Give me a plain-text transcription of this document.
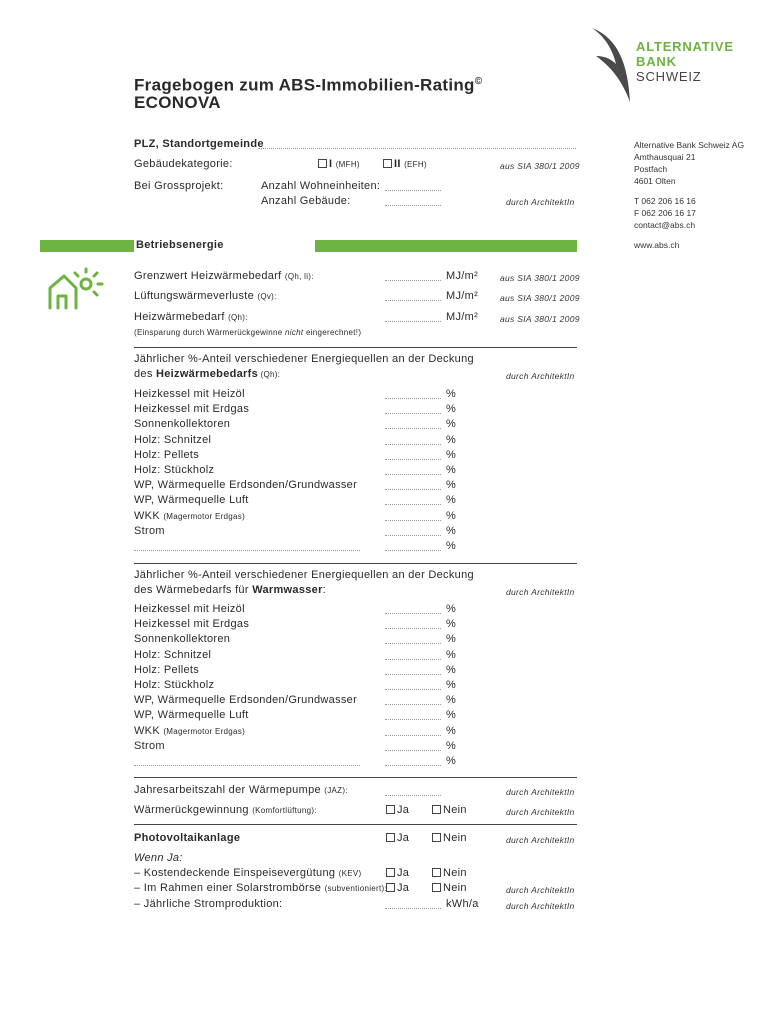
ALTERNATIVE
BANK
SCHWEIZ
Fragebogen zum ABS-Immobilien-Rating©
ECONOVA
Alternative Bank Schweiz AG
Amthausquai 21
Postfach
4601 Olten
T 062 206 16 16
F 062 206 16 17
contact@abs.ch
www.abs.ch
PLZ, Standortgemeinde
Gebäudekategorie:	I (MFH)	II (EFH)	aus SIA 380/1 2009
Bei Grossprojekt:	Anzahl Wohneinheiten:
Anzahl Gebäude:	durch ArchitektIn
Betriebsenergie
Grenzwert Heizwärmebedarf (Qh, li):	MJ/m²	aus SIA 380/1 2009
Lüftungswärmeverluste (Qv):	MJ/m²	aus SIA 380/1 2009
Heizwärmebedarf (Qh):	MJ/m²	aus SIA 380/1 2009
(Einsparung durch Wärmerückgewinne nicht eingerechnet!)
Jährlicher %-Anteil verschiedener Energiequellen an der Deckung
des Heizwärmebedarfs (Qh):	durch ArchitektIn
Heizkessel mit Heizöl	%
Heizkessel mit Erdgas	%
Sonnenkollektoren	%
Holz: Schnitzel	%
Holz: Pellets	%
Holz: Stückholz	%
WP, Wärmequelle Erdsonden/Grundwasser	%
WP, Wärmequelle Luft	%
WKK (Magermotor Erdgas)	%
Strom	%
%
Jährlicher %-Anteil verschiedener Energiequellen an der Deckung
des Wärmebedarfs für Warmwasser:	durch ArchitektIn
Heizkessel mit Heizöl	%
Heizkessel mit Erdgas	%
Sonnenkollektoren	%
Holz: Schnitzel	%
Holz: Pellets	%
Holz: Stückholz	%
WP, Wärmequelle Erdsonden/Grundwasser	%
WP, Wärmequelle Luft	%
WKK (Magermotor Erdgas)	%
Strom	%
%
Jahresarbeitszahl der Wärmepumpe (JAZ):	durch ArchitektIn
Wärmerückgewinnung (Komfortlüftung):	Ja	Nein	durch ArchitektIn
Photovoltaikanlage	Ja	Nein	durch ArchitektIn
Wenn Ja:
– Kostendeckende Einspeisevergütung (KEV)	Ja	Nein
– Im Rahmen einer Solarstrombörse (subventioniert): Ja	Nein	durch ArchitektIn
– Jährliche Stromproduktion:	kWh/a	durch ArchitektIn
